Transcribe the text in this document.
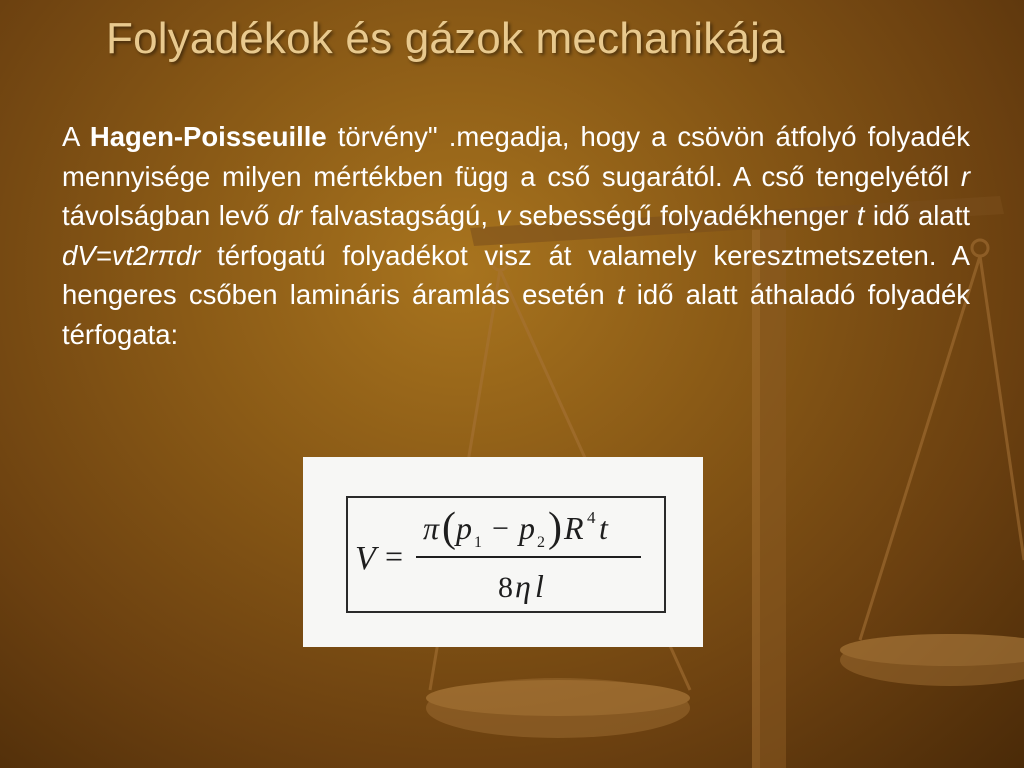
Folyadékok és gázok mechanikája

A Hagen-Poisseuille törvény" .megadja, hogy a csövön átfolyó folyadék mennyisége milyen mértékben függ a cső sugarától. A cső tengelyétől r távolságban levő dr falvastagságú, v sebességű folyadékhenger t idő alatt dV=vt2rπdr térfogatú folyadékot visz át valamely keresztmetszeten. A hengeres csőben lamináris áramlás esetén t idő alatt áthaladó folyadék térfogata:

V =
π ( p 1 − p 2 ) R 4 t
8 η l
